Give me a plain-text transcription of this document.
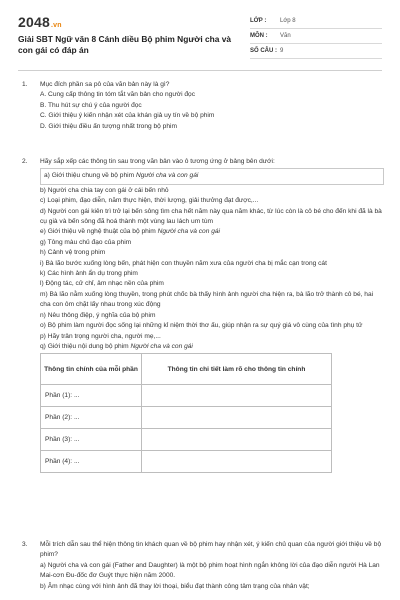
2048.vn
Giải SBT Ngữ văn 8 Cánh diều Bộ phim Người cha và con gái có đáp án
LỚP :	Lớp 8
MÔN :	Văn
SỐ CÂU : 9
1. Mục đích phần sa pô của văn bản này là gì?
A. Cung cấp thông tin tóm tắt văn bản cho người đọc
B. Thu hút sự chú ý của người đọc
C. Giới thiệu ý kiến nhận xét của khán giả uy tín về bộ phim
D. Giới thiệu điều ấn tượng nhất trong bộ phim
2. Hãy sắp xếp các thông tin sau trong văn bản vào ô tương ứng ở bảng bên dưới:
a) Giới thiệu chung về bộ phim Người cha và con gái
b) Người cha chia tay con gái ở cái bến nhỏ
c) Loại phim, đạo diễn, năm thực hiện, thời lượng, giải thưởng đạt được,...
d) Người con gái kiên trì trở lại bến sông tìm cha hết năm này qua năm khác, từ lúc còn là cô bé cho đến khi đã là bà cụ già và bến sông đã hoá thành một vùng lau lách um tùm
e) Giới thiệu về nghệ thuật của bộ phim Người cha và con gái
g) Tông màu chủ đạo của phim
h) Cảnh vệ trong phim
i) Bà lão bước xuống lòng bến, phát hiện con thuyền năm xưa của người cha bị mắc cạn trong cát
k) Các hình ảnh ẩn dụ trong phim
l) Động tác, cử chỉ, âm nhạc nền của phim
m) Bà lão nằm xuống lòng thuyền, trong phút chốc bà thấy hình ảnh người cha hiện ra, bà lão trở thành cô bé, hai cha con ôm chặt lấy nhau trong xúc động
n) Nêu thông điệp, ý nghĩa của bộ phim
o) Bộ phim làm người đọc sống lại những kỉ niệm thời thơ ấu, giúp nhận ra sự quý giá vô cùng của tình phụ tử
p) Hãy trân trọng người cha, người mẹ,...
q) Giới thiệu nội dung bộ phim Người cha và con gái
Thông tin chính của mỗi phần	Thông tin chi tiết làm rõ cho thông tin chính
Phần (1): ...	
Phần (2): ...	
Phần (3): ...	
Phần (4): ...	
3. Mỗi trích dẫn sau thể hiện thông tin khách quan về bộ phim hay nhận xét, ý kiến chủ quan của người giới thiệu về bộ phim?
a) Người cha và con gái (Father and Daughter) là một bộ phim hoạt hình ngắn không lời của đạo diễn người Hà Lan Mai-cơn Đu-đốc đơ Guýt thực hiện năm 2000.
b) Âm nhạc cùng với hình ảnh đã thay lời thoại, biểu đạt thành công tâm trạng của nhân vật;
